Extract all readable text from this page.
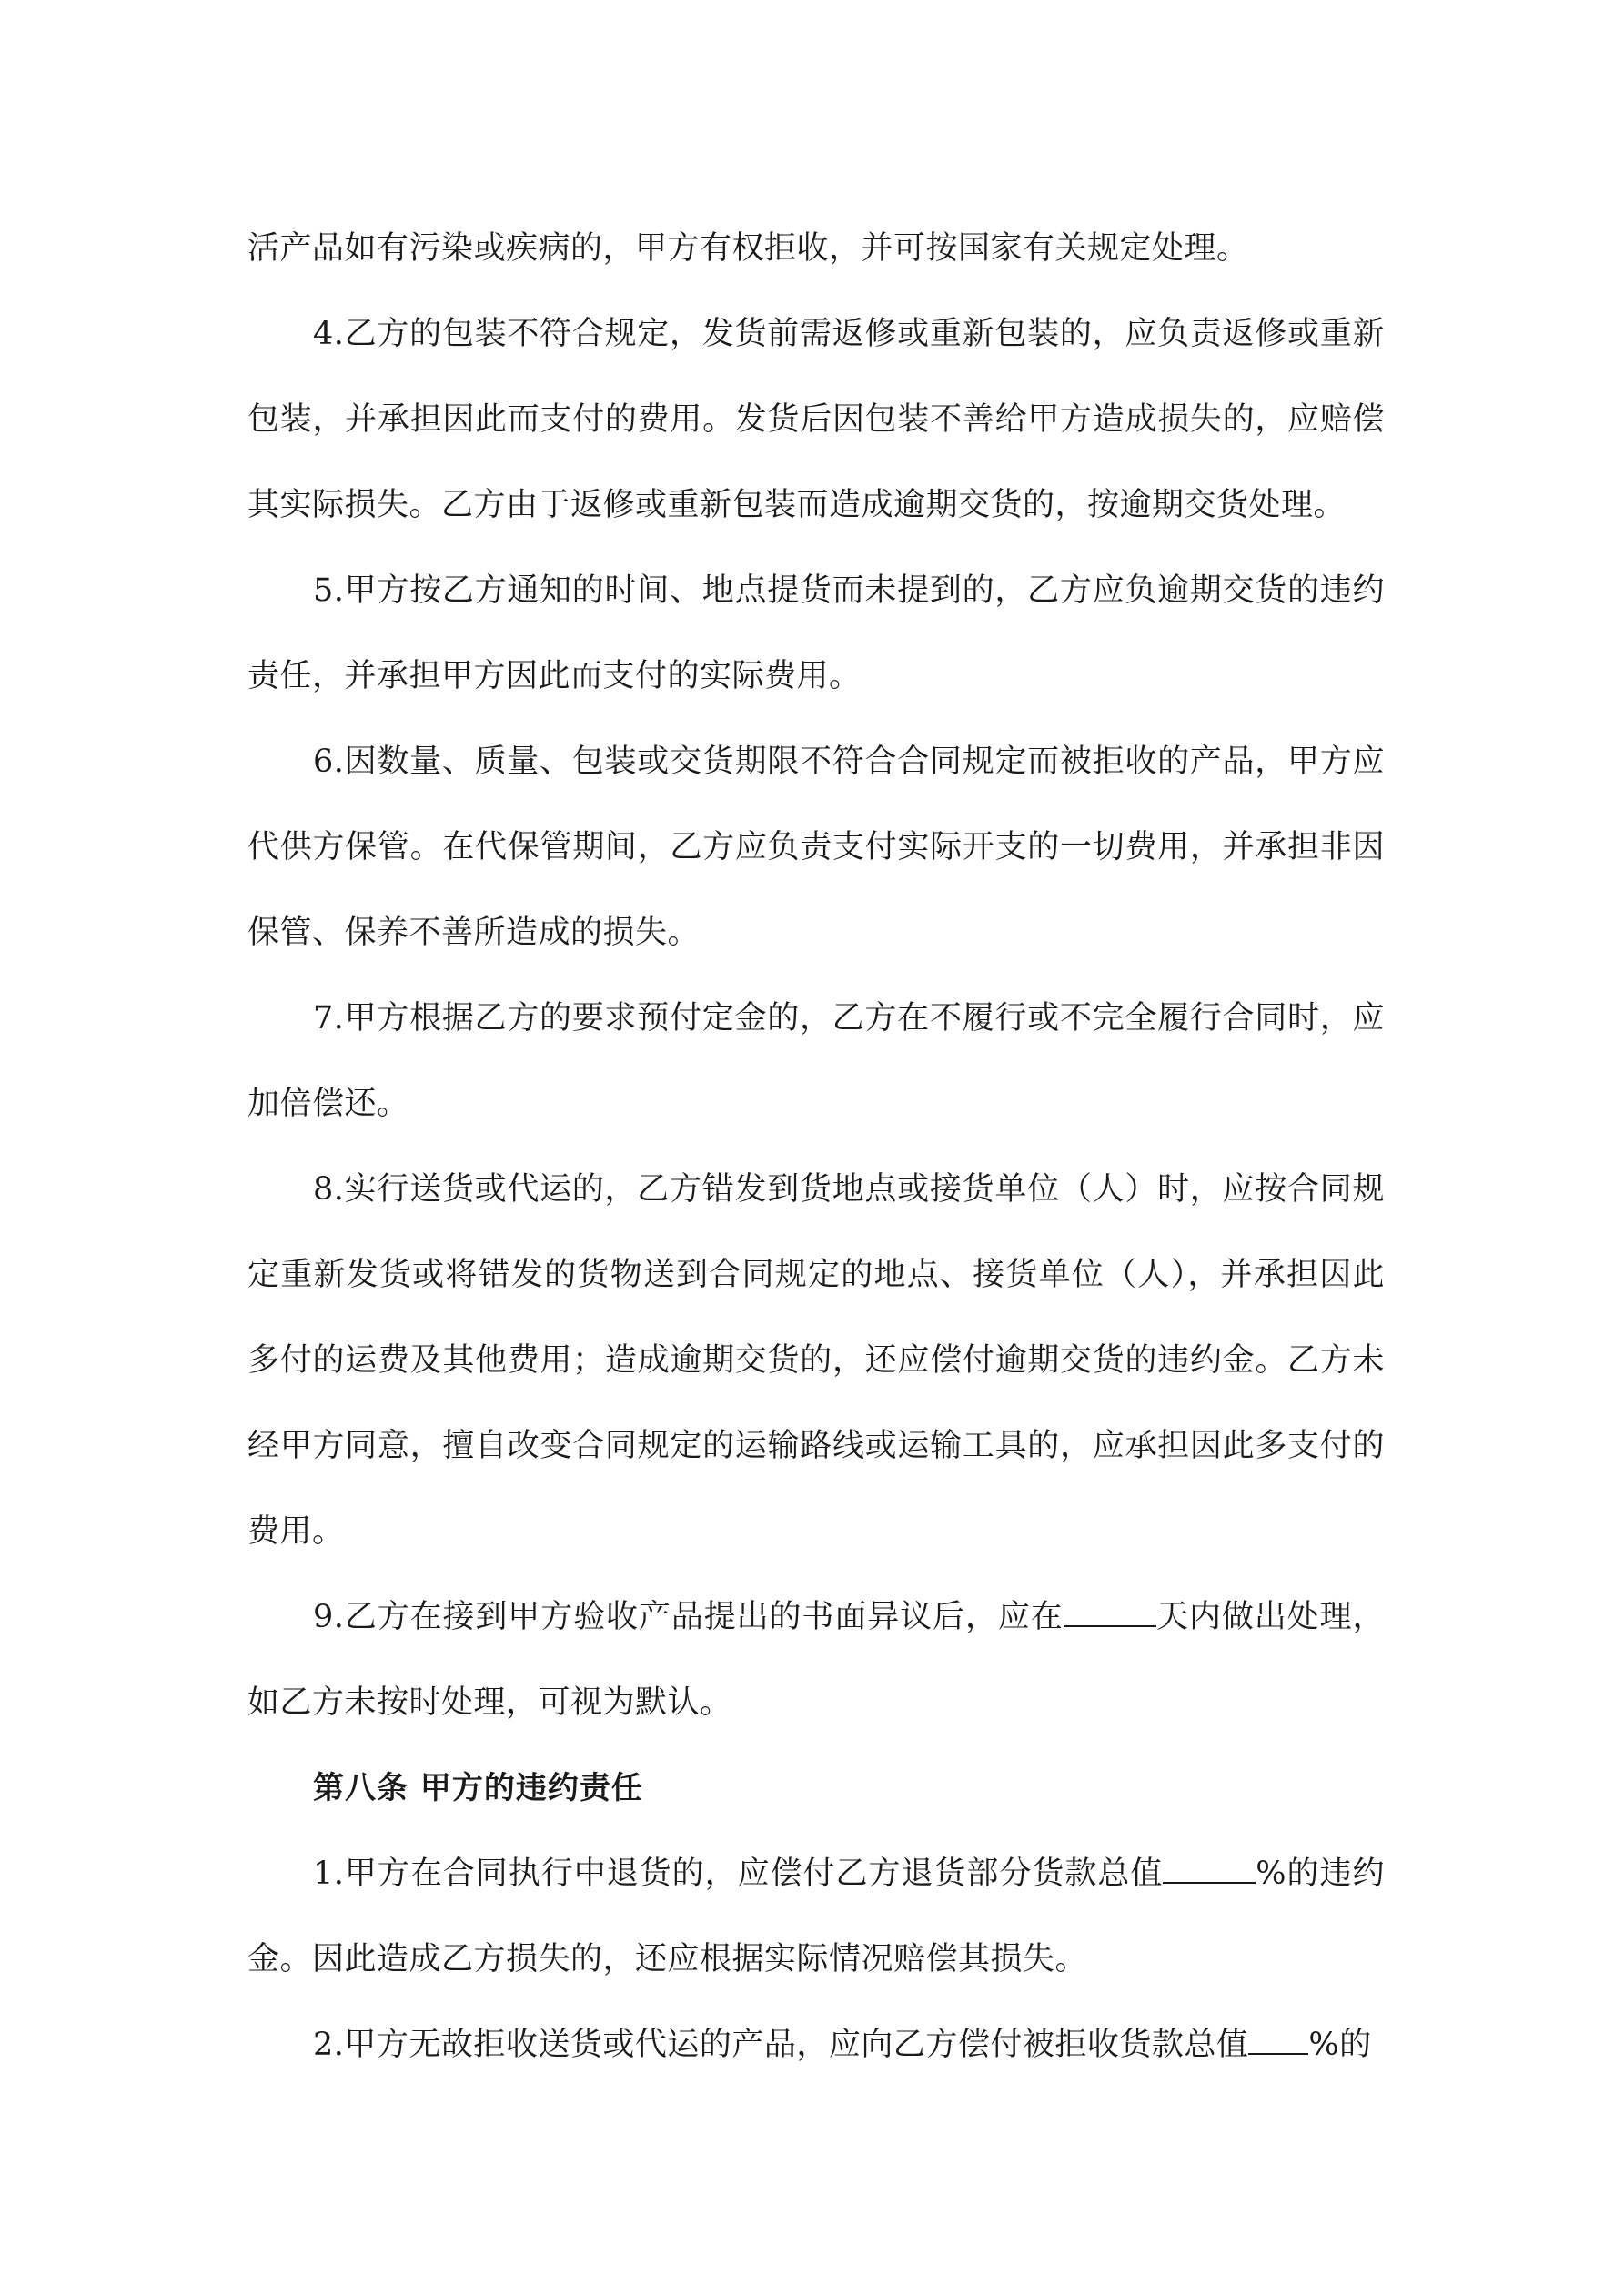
活产品如有污染或疾病的，甲方有权拒收，并可按国家有关规定处理。

4.乙方的包装不符合规定，发货前需返修或重新包装的，应负责返修或重新包装，并承担因此而支付的费用。发货后因包装不善给甲方造成损失的，应赔偿其实际损失。乙方由于返修或重新包装而造成逾期交货的，按逾期交货处理。

5.甲方按乙方通知的时间、地点提货而未提到的，乙方应负逾期交货的违约责任，并承担甲方因此而支付的实际费用。

6.因数量、质量、包装或交货期限不符合合同规定而被拒收的产品，甲方应代供方保管。在代保管期间，乙方应负责支付实际开支的一切费用，并承担非因保管、保养不善所造成的损失。

7.甲方根据乙方的要求预付定金的，乙方在不履行或不完全履行合同时，应加倍偿还。

8.实行送货或代运的，乙方错发到货地点或接货单位（人）时，应按合同规定重新发货或将错发的货物送到合同规定的地点、接货单位（人），并承担因此多付的运费及其他费用；造成逾期交货的，还应偿付逾期交货的违约金。乙方未经甲方同意，擅自改变合同规定的运输路线或运输工具的，应承担因此多支付的费用。

9.乙方在接到甲方验收产品提出的书面异议后，应在	天内做出处理，如乙方未按时处理，可视为默认。

第八条 甲方的违约责任

1.甲方在合同执行中退货的，应偿付乙方退货部分货款总值	%的违约金。因此造成乙方损失的，还应根据实际情况赔偿其损失。

2.甲方无故拒收送货或代运的产品，应向乙方偿付被拒收货款总值 %的
